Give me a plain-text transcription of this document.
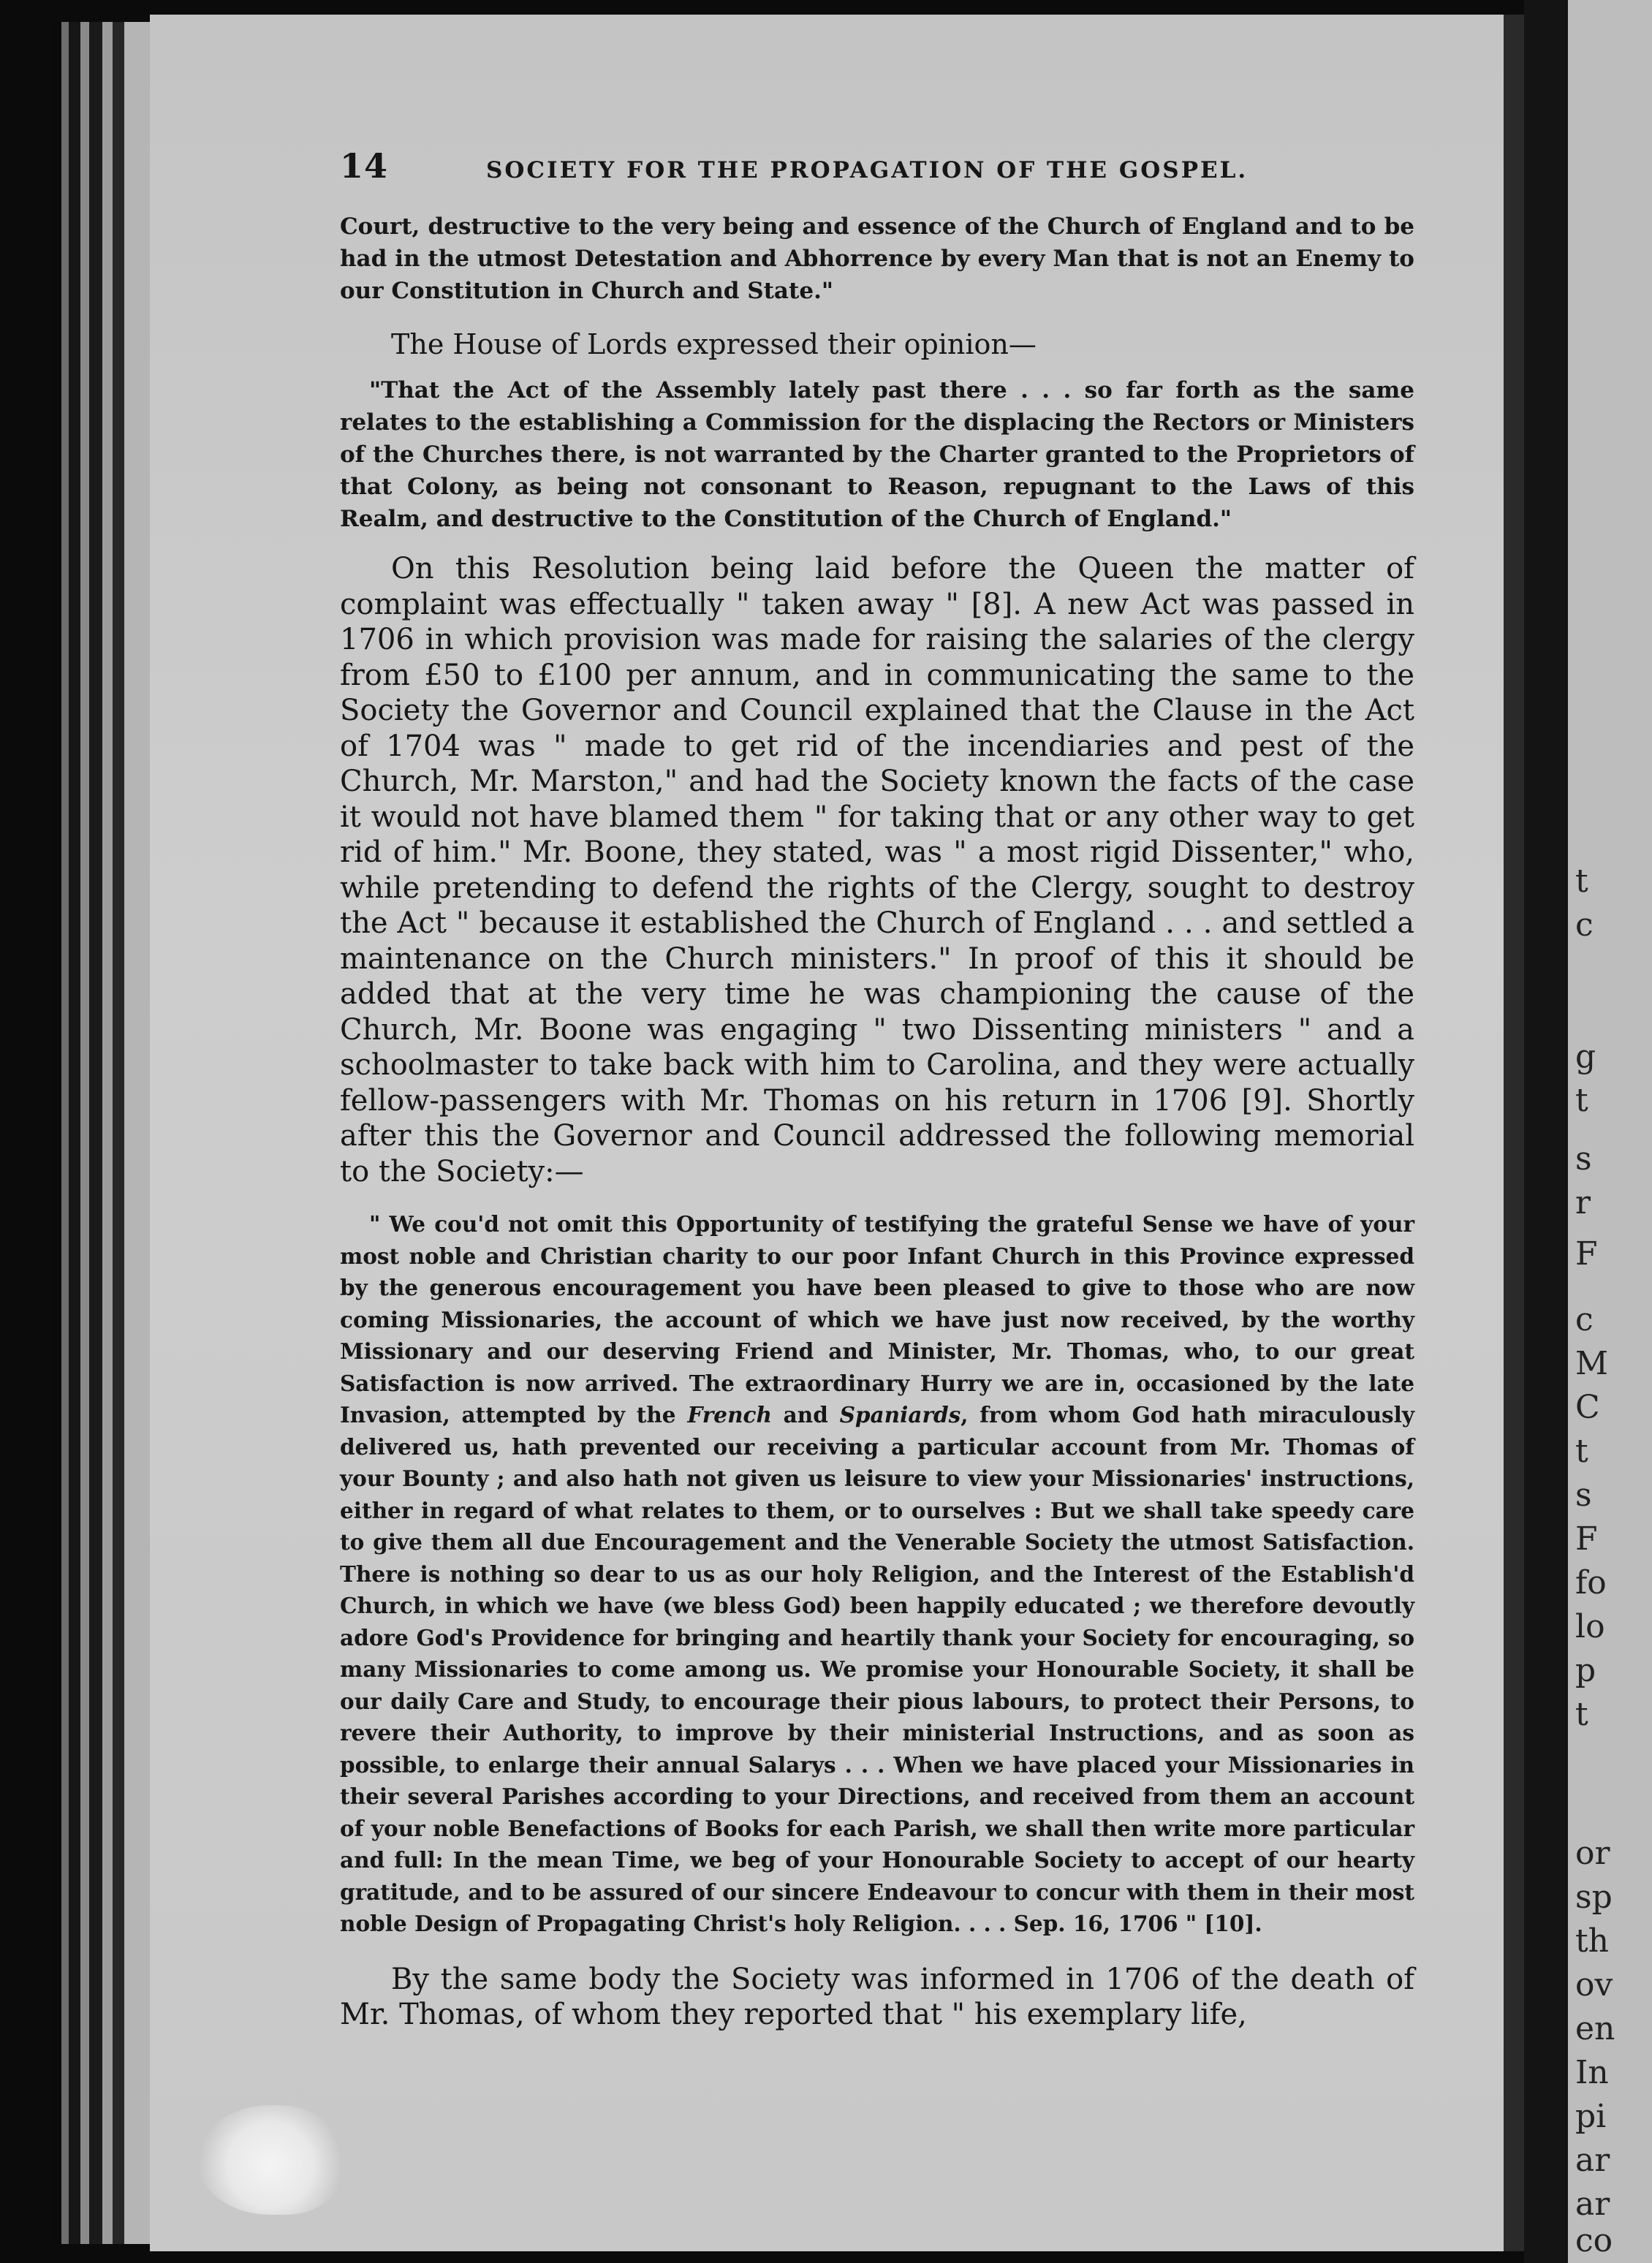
t
c
g
t
s
r
F
c
M
C
t
s
F
fo
lo
p
t
or
sp
th
ov
en
In
pi
ar
ar
co
14	SOCIETY FOR THE PROPAGATION OF THE GOSPEL.

Court, destructive to the very being and essence of the Church of England and to be had in the utmost Detestation and Abhorrence by every Man that is not an Enemy to our Constitution in Church and State."

The House of Lords expressed their opinion—

"That the Act of the Assembly lately past there . . . so far forth as the same relates to the establishing a Commission for the displacing the Rectors or Ministers of the Churches there, is not warranted by the Charter granted to the Proprietors of that Colony, as being not consonant to Reason, repugnant to the Laws of this Realm, and destructive to the Constitution of the Church of England."

On this Resolution being laid before the Queen the matter of complaint was effectually " taken away " [8]. A new Act was passed in 1706 in which provision was made for raising the salaries of the clergy from £50 to £100 per annum, and in communicating the same to the Society the Governor and Council explained that the Clause in the Act of 1704 was " made to get rid of the incendiaries and pest of the Church, Mr. Marston," and had the Society known the facts of the case it would not have blamed them " for taking that or any other way to get rid of him." Mr. Boone, they stated, was " a most rigid Dissenter," who, while pretending to defend the rights of the Clergy, sought to destroy the Act " because it established the Church of England . . . and settled a maintenance on the Church ministers." In proof of this it should be added that at the very time he was championing the cause of the Church, Mr. Boone was engaging " two Dissenting ministers " and a schoolmaster to take back with him to Carolina, and they were actually fellow-passengers with Mr. Thomas on his return in 1706 [9]. Shortly after this the Governor and Council addressed the following memorial to the Society:—

" We cou'd not omit this Opportunity of testifying the grateful Sense we have of your most noble and Christian charity to our poor Infant Church in this Province expressed by the generous encouragement you have been pleased to give to those who are now coming Missionaries, the account of which we have just now received, by the worthy Missionary and our deserving Friend and Minister, Mr. Thomas, who, to our great Satisfaction is now arrived. The extraordinary Hurry we are in, occasioned by the late Invasion, attempted by the French and Spaniards, from whom God hath miraculously delivered us, hath prevented our receiving a particular account from Mr. Thomas of your Bounty ; and also hath not given us leisure to view your Missionaries' instructions, either in regard of what relates to them, or to ourselves : But we shall take speedy care to give them all due Encouragement and the Venerable Society the utmost Satisfaction. There is nothing so dear to us as our holy Religion, and the Interest of the Establish'd Church, in which we have (we bless God) been happily educated ; we therefore devoutly adore God's Providence for bringing and heartily thank your Society for encouraging, so many Missionaries to come among us. We promise your Honourable Society, it shall be our daily Care and Study, to encourage their pious labours, to protect their Persons, to revere their Authority, to improve by their ministerial Instructions, and as soon as possible, to enlarge their annual Salarys . . . When we have placed your Missionaries in their several Parishes according to your Directions, and received from them an account of your noble Benefactions of Books for each Parish, we shall then write more particular and full: In the mean Time, we beg of your Honourable Society to accept of our hearty gratitude, and to be assured of our sincere Endeavour to concur with them in their most noble Design of Propagating Christ's holy Religion. . . . Sep. 16, 1706 " [10].

By the same body the Society was informed in 1706 of the death of Mr. Thomas, of whom they reported that " his exemplary life,
